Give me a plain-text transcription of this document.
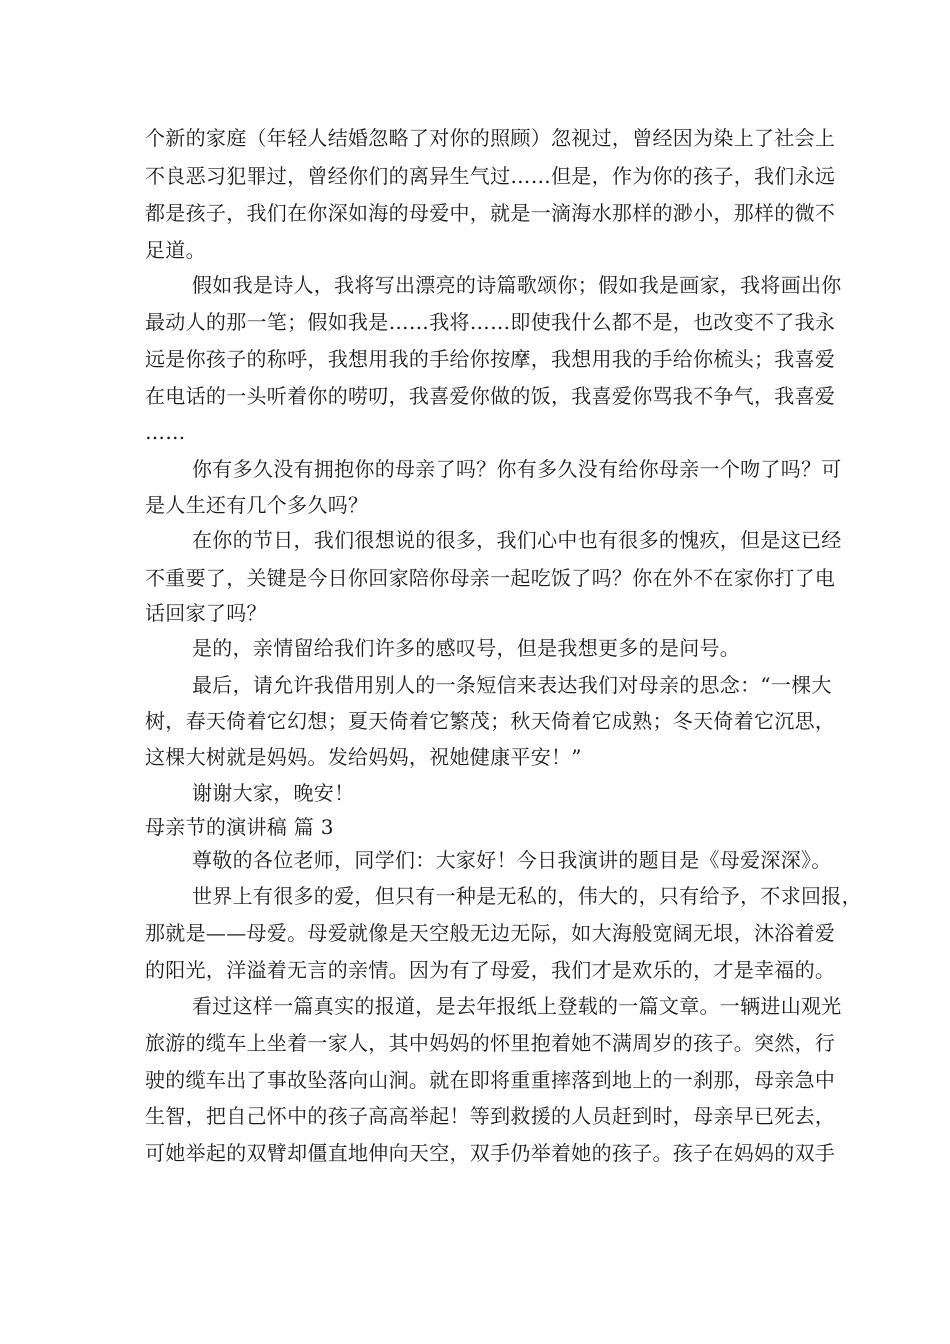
个新的家庭（年轻人结婚忽略了对你的照顾）忽视过，曾经因为染上了社会上
不良恶习犯罪过，曾经你们的离异生气过……但是，作为你的孩子，我们永远
都是孩子，我们在你深如海的母爱中，就是一滴海水那样的渺小，那样的微不
足道。
假如我是诗人，我将写出漂亮的诗篇歌颂你；假如我是画家，我将画出你
最动人的那一笔；假如我是……我将……即使我什么都不是，也改变不了我永
远是你孩子的称呼，我想用我的手给你按摩，我想用我的手给你梳头；我喜爱
在电话的一头听着你的唠叨，我喜爱你做的饭，我喜爱你骂我不争气，我喜爱
……
你有多久没有拥抱你的母亲了吗？你有多久没有给你母亲一个吻了吗？可
是人生还有几个多久吗？
在你的节日，我们很想说的很多，我们心中也有很多的愧疚，但是这已经
不重要了，关键是今日你回家陪你母亲一起吃饭了吗？你在外不在家你打了电
话回家了吗？
是的，亲情留给我们许多的感叹号，但是我想更多的是问号。
最后，请允许我借用别人的一条短信来表达我们对母亲的思念：“一棵大
树，春天倚着它幻想；夏天倚着它繁茂；秋天倚着它成熟；冬天倚着它沉思，
这棵大树就是妈妈。发给妈妈，祝她健康平安！”
谢谢大家，晚安！
母亲节的演讲稿 篇 3
尊敬的各位老师，同学们：大家好！今日我演讲的题目是《母爱深深》。
世界上有很多的爱，但只有一种是无私的，伟大的，只有给予，不求回报，
那就是——母爱。母爱就像是天空般无边无际，如大海般宽阔无垠，沐浴着爱
的阳光，洋溢着无言的亲情。因为有了母爱，我们才是欢乐的，才是幸福的。
看过这样一篇真实的报道，是去年报纸上登载的一篇文章。一辆进山观光
旅游的缆车上坐着一家人，其中妈妈的怀里抱着她不满周岁的孩子。突然，行
驶的缆车出了事故坠落向山涧。就在即将重重摔落到地上的一刹那，母亲急中
生智，把自己怀中的孩子高高举起！等到救援的人员赶到时，母亲早已死去，
可她举起的双臂却僵直地伸向天空，双手仍举着她的孩子。孩子在妈妈的双手
